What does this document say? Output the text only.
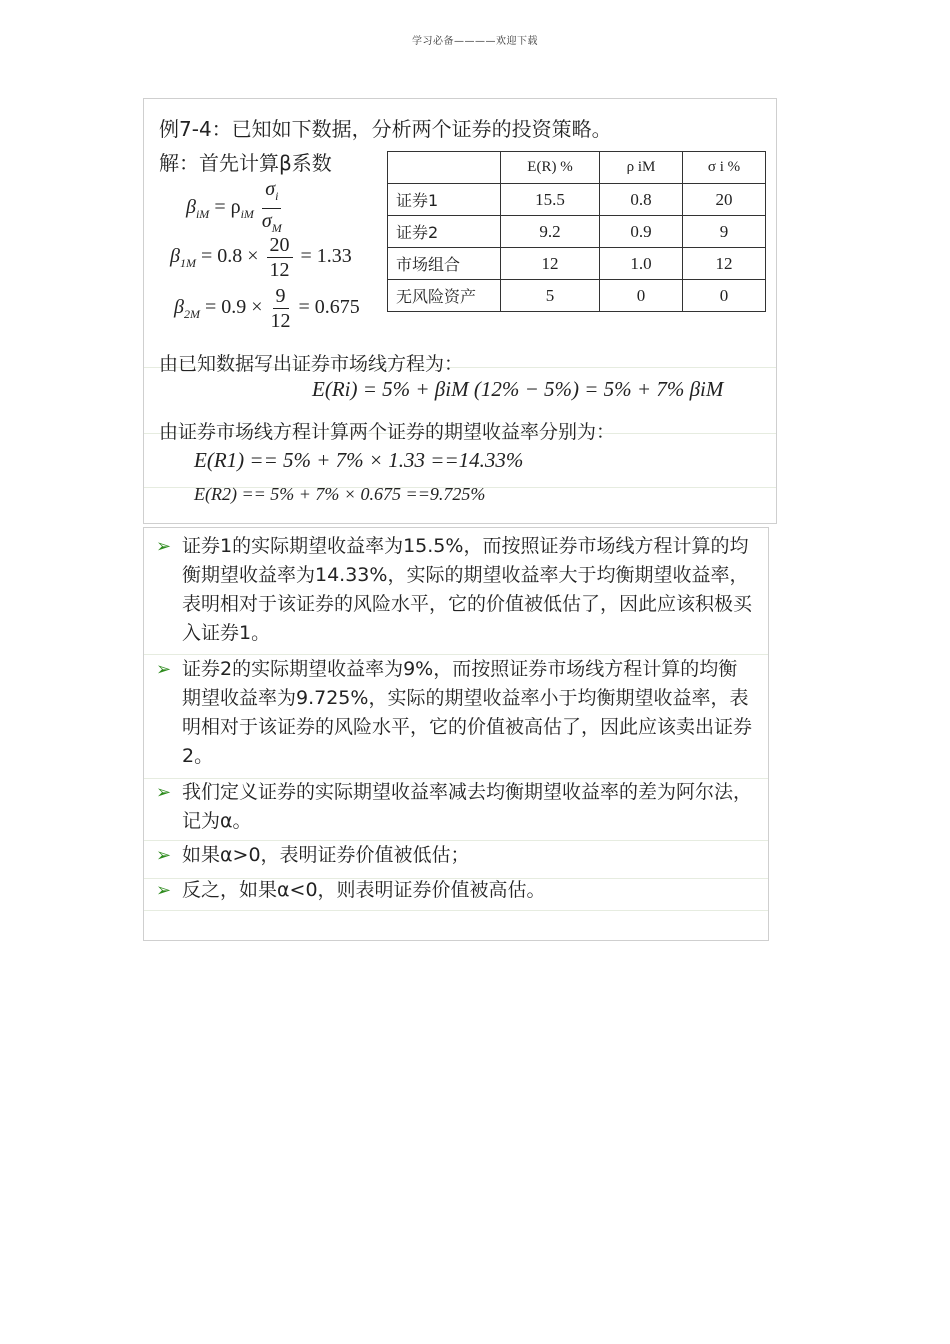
学习必备————欢迎下载
例7-4：已知如下数据，分析两个证券的投资策略。
解：首先计算β系数
$\beta_{iM} = \rho_{iM} \frac{\sigma_i}{\sigma_M}$
$\beta_{1M} = 0.8 \times \frac{20}{12} = 1.33$
$\beta_{2M} = 0.9 \times \frac{9}{12} = 0.675$
	E(R) %	ρ iM	σ i %
证券1	15.5	0.8	20
证券2	9.2	0.9	9
市场组合	12	1.0	12
无风险资产	5	0	0
由已知数据写出证券市场线方程为：
E(Ri) = 5% + βiM (12% − 5%) = 5% + 7% βiM
由证券市场线方程计算两个证券的期望收益率分别为：
E(R1) == 5% + 7% × 1.33 ==14.33%
E(R2) == 5% + 7% × 0.675 ==9.725%
➢ 证券1的实际期望收益率为15.5%，而按照证券市场线方程计算的均衡期望收益率为14.33%，实际的期望收益率大于均衡期望收益率，表明相对于该证券的风险水平，它的价值被低估了，因此应该积极买入证券1。
➢ 证券2的实际期望收益率为9%，而按照证券市场线方程计算的均衡期望收益率为9.725%，实际的期望收益率小于均衡期望收益率，表明相对于该证券的风险水平，它的价值被高估了，因此应该卖出证券2。
➢ 我们定义证券的实际期望收益率减去均衡期望收益率的差为阿尔法，记为α。
➢ 如果α>0，表明证券价值被低估；
➢ 反之，如果α<0，则表明证券价值被高估。
